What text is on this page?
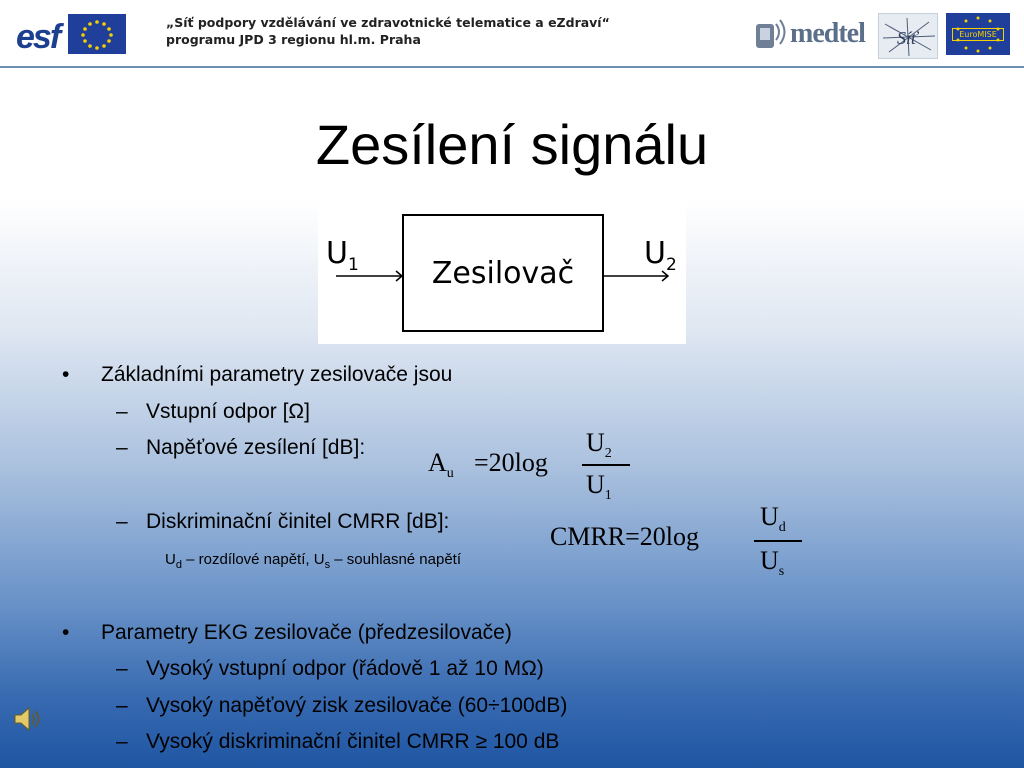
esf	„Síť podpory vzdělávání ve zdravotnické telematice a eZdraví“
programu JPD 3 regionu hl.m. Praha	medtel Síť	EuroMISE
Zesílení signálu
$U_1$	$U_2$
Zesilovač
• Základními parametry zesilovače jsou
– Vstupní odpor [Ω]
– Napěťové zesílení [dB]:
– Diskriminační činitel CMRR [dB]:
• Parametry EKG zesilovače (předzesilovače)
– Vysoký vstupní odpor (řádově 1 až 10 MΩ)
– Vysoký napěťový zisk zesilovače (60÷100dB)
– Vysoký diskriminační činitel CMRR ≥ 100 dB
$U_d$ – rozdílové napětí, $U_s$ – souhlasné napětí
$A_u =20\log$
$U_2$
$U_1$
CMRR=20log
$U_d$
$U_s$
